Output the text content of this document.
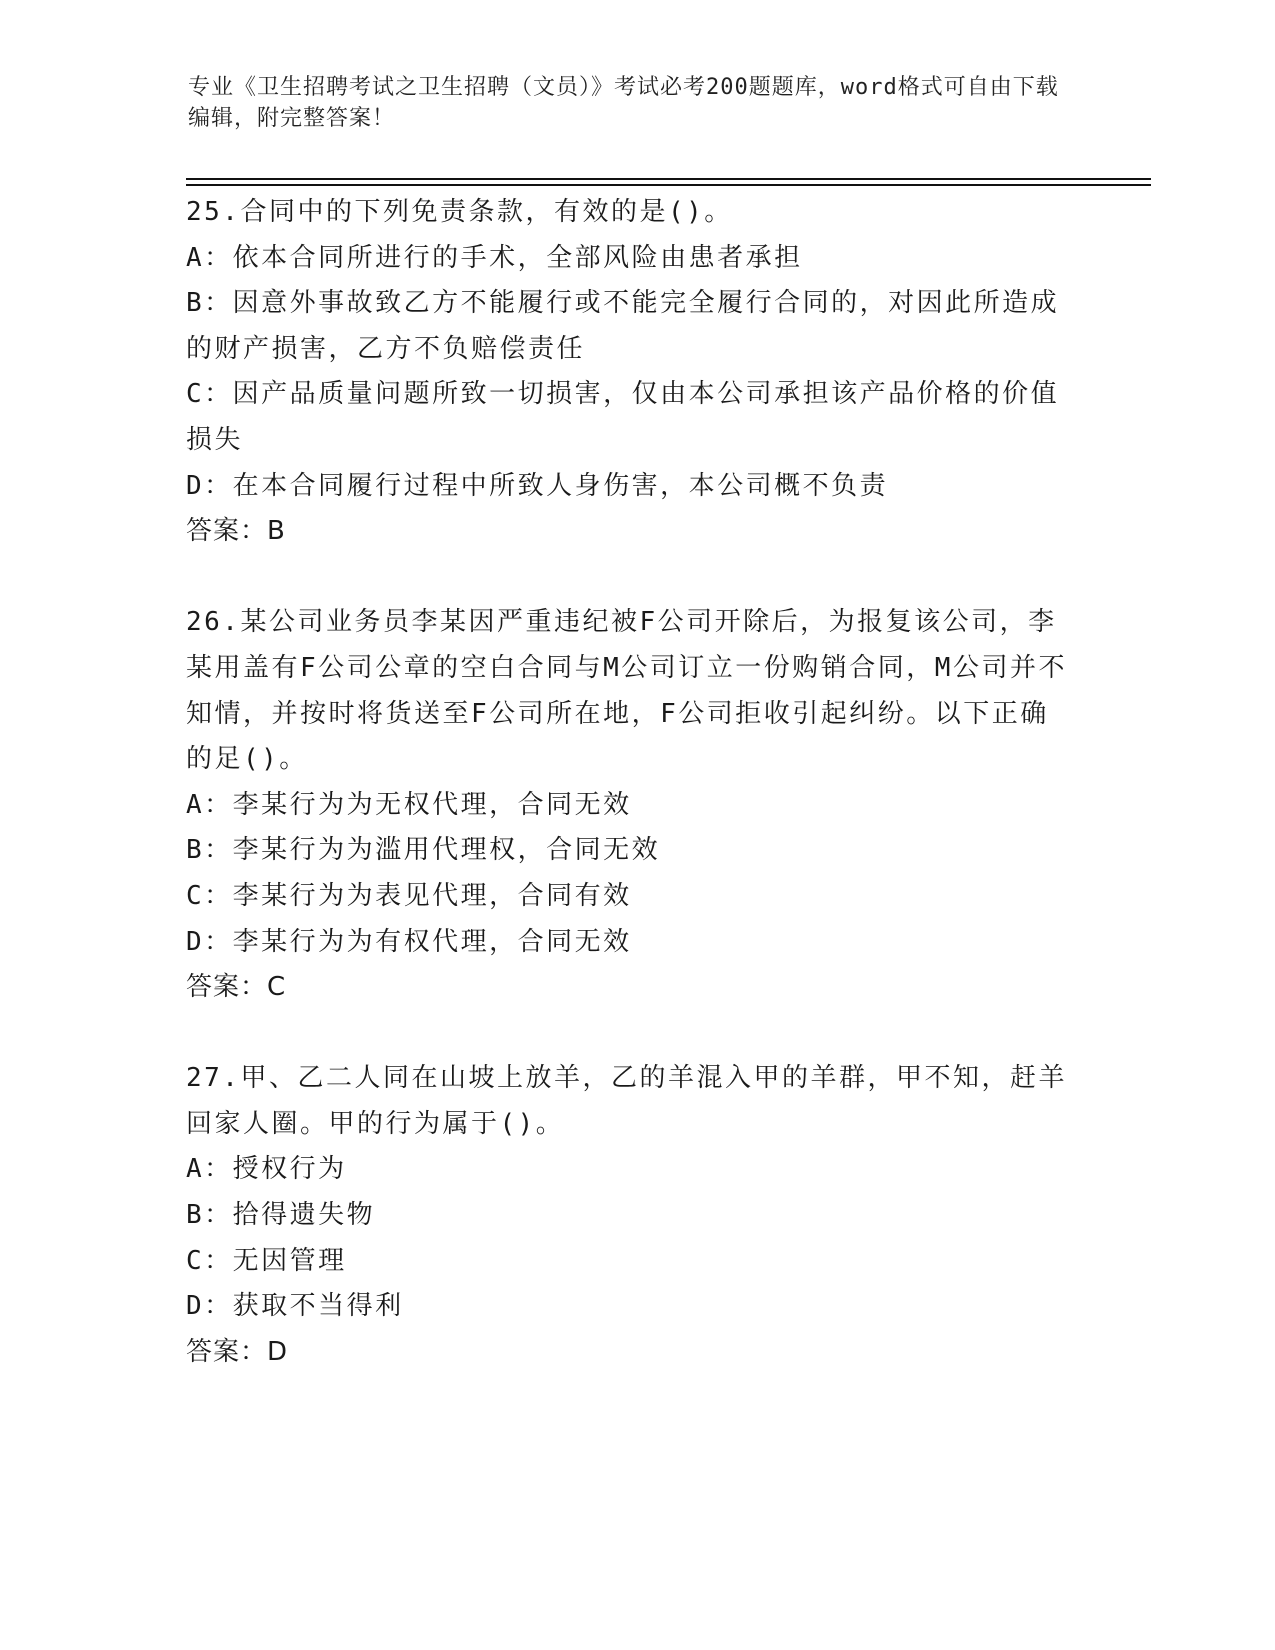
专业《卫生招聘考试之卫生招聘（文员）》考试必考200题题库，word格式可自由下载编辑，附完整答案！
25.合同中的下列免责条款，有效的是()。
A：依本合同所进行的手术，全部风险由患者承担
B：因意外事故致乙方不能履行或不能完全履行合同的，对因此所造成的财产损害，乙方不负赔偿责任
C：因产品质量问题所致一切损害，仅由本公司承担该产品价格的价值损失
D：在本合同履行过程中所致人身伤害，本公司概不负责
答案：B
26.某公司业务员李某因严重违纪被F公司开除后，为报复该公司，李某用盖有F公司公章的空白合同与M公司订立一份购销合同，M公司并不知情，并按时将货送至F公司所在地，F公司拒收引起纠纷。以下正确的足()。
A：李某行为为无权代理，合同无效
B：李某行为为滥用代理权，合同无效
C：李某行为为表见代理，合同有效
D：李某行为为有权代理，合同无效
答案：C
27.甲、乙二人同在山坡上放羊，乙的羊混入甲的羊群，甲不知，赶羊回家人圈。甲的行为属于()。
A：授权行为
B：拾得遗失物
C：无因管理
D：获取不当得利
答案：D
